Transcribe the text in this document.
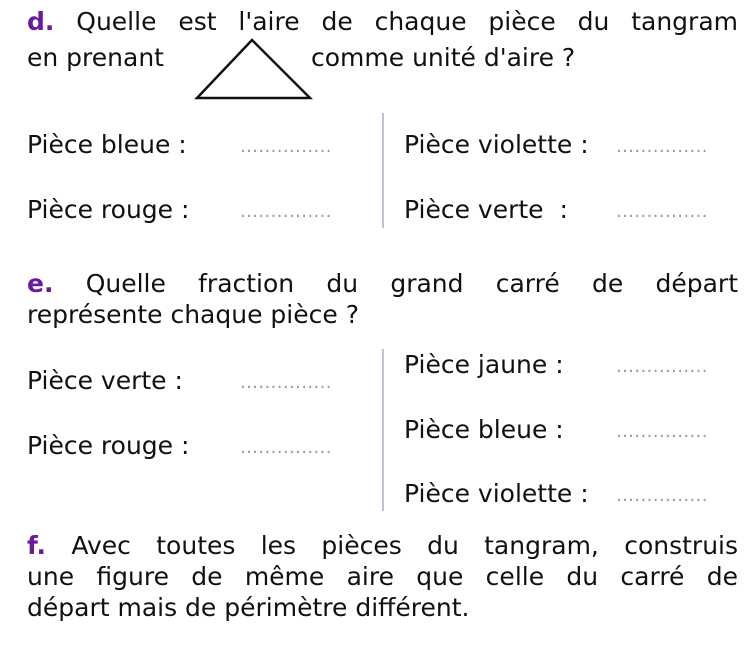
d. Quelle est l'aire de chaque pièce du tangram
en prenant	comme unité d'aire ?
Pièce bleue :	...............	Pièce violette : ...............
Pièce rouge :	...............	Pièce verte  :	...............
e. Quelle fraction du grand carré de départ
représente chaque pièce ?
Pièce verte :	...............
Pièce rouge :	...............
Pièce jaune :	...............
Pièce bleue :	...............
Pièce violette : ...............
f. Avec toutes les pièces du tangram, construis
une figure de même aire que celle du carré de
départ mais de périmètre différent.
